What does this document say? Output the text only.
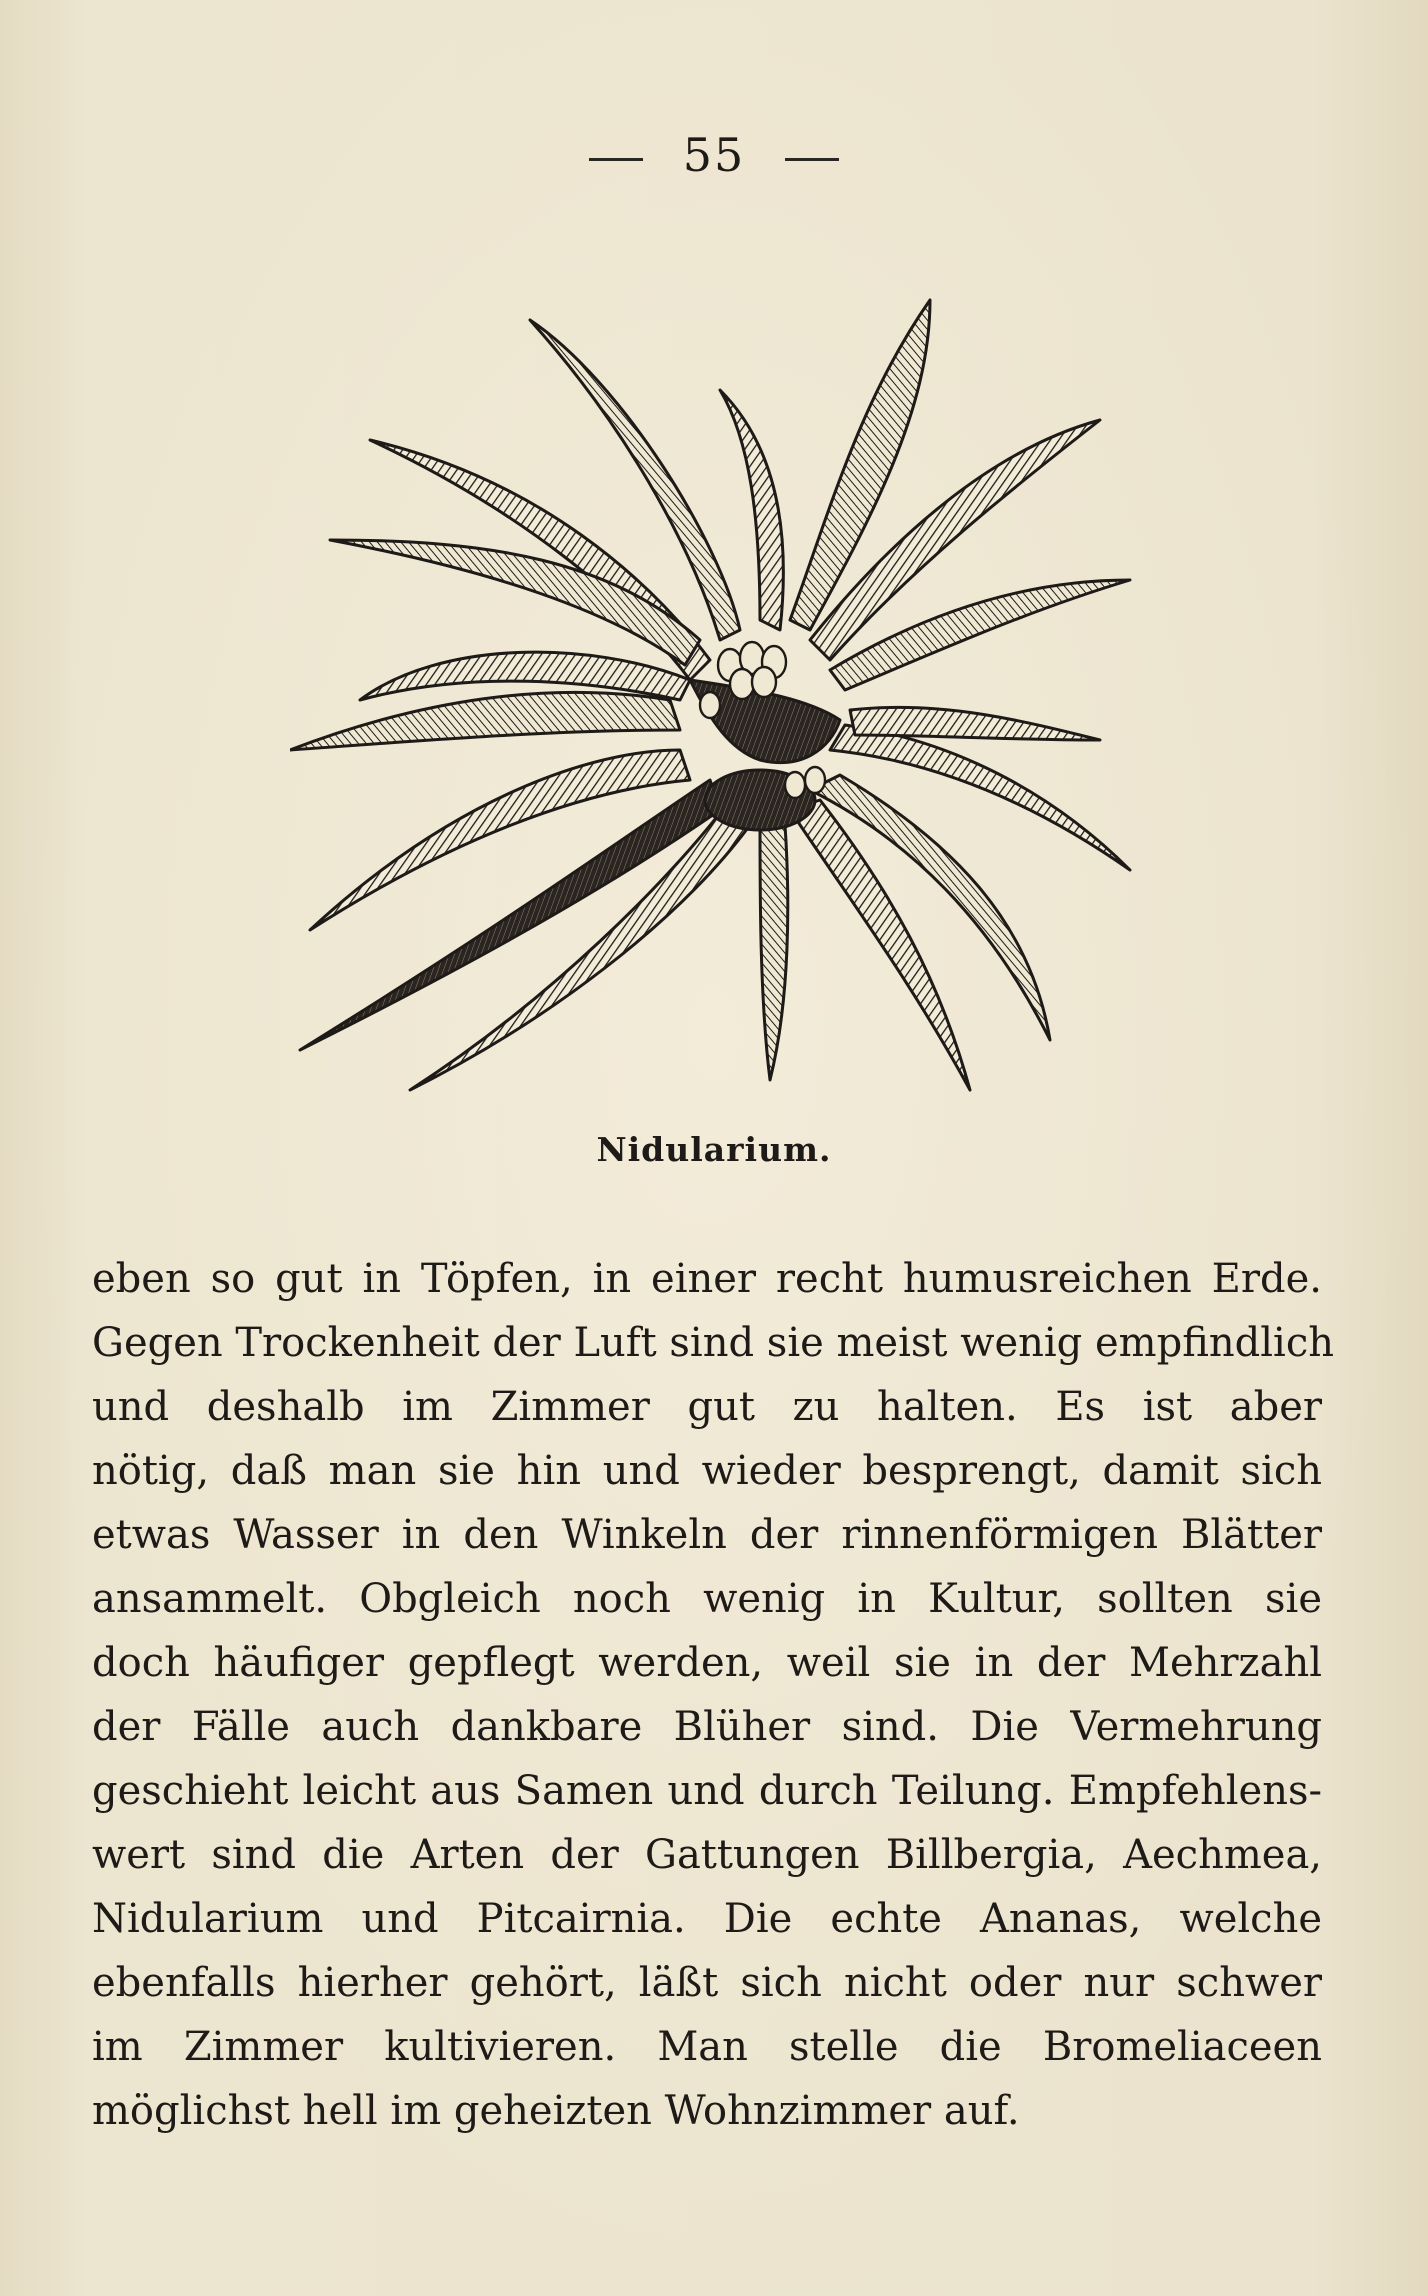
55
Nidularium.
eben so gut in Töpfen, in einer recht humusreichen Erde.
Gegen Trockenheit der Luft sind sie meist wenig empfindlich
und deshalb im Zimmer gut zu halten. Es ist aber
nötig, daß man sie hin und wieder besprengt, damit sich
etwas Wasser in den Winkeln der rinnenförmigen Blätter
ansammelt. Obgleich noch wenig in Kultur, sollten sie
doch häufiger gepflegt werden, weil sie in der Mehrzahl
der Fälle auch dankbare Blüher sind. Die Vermehrung
geschieht leicht aus Samen und durch Teilung. Empfehlens-
wert sind die Arten der Gattungen Billbergia, Aechmea,
Nidularium und Pitcairnia. Die echte Ananas, welche
ebenfalls hierher gehört, läßt sich nicht oder nur schwer
im Zimmer kultivieren. Man stelle die Bromeliaceen
möglichst hell im geheizten Wohnzimmer auf.
